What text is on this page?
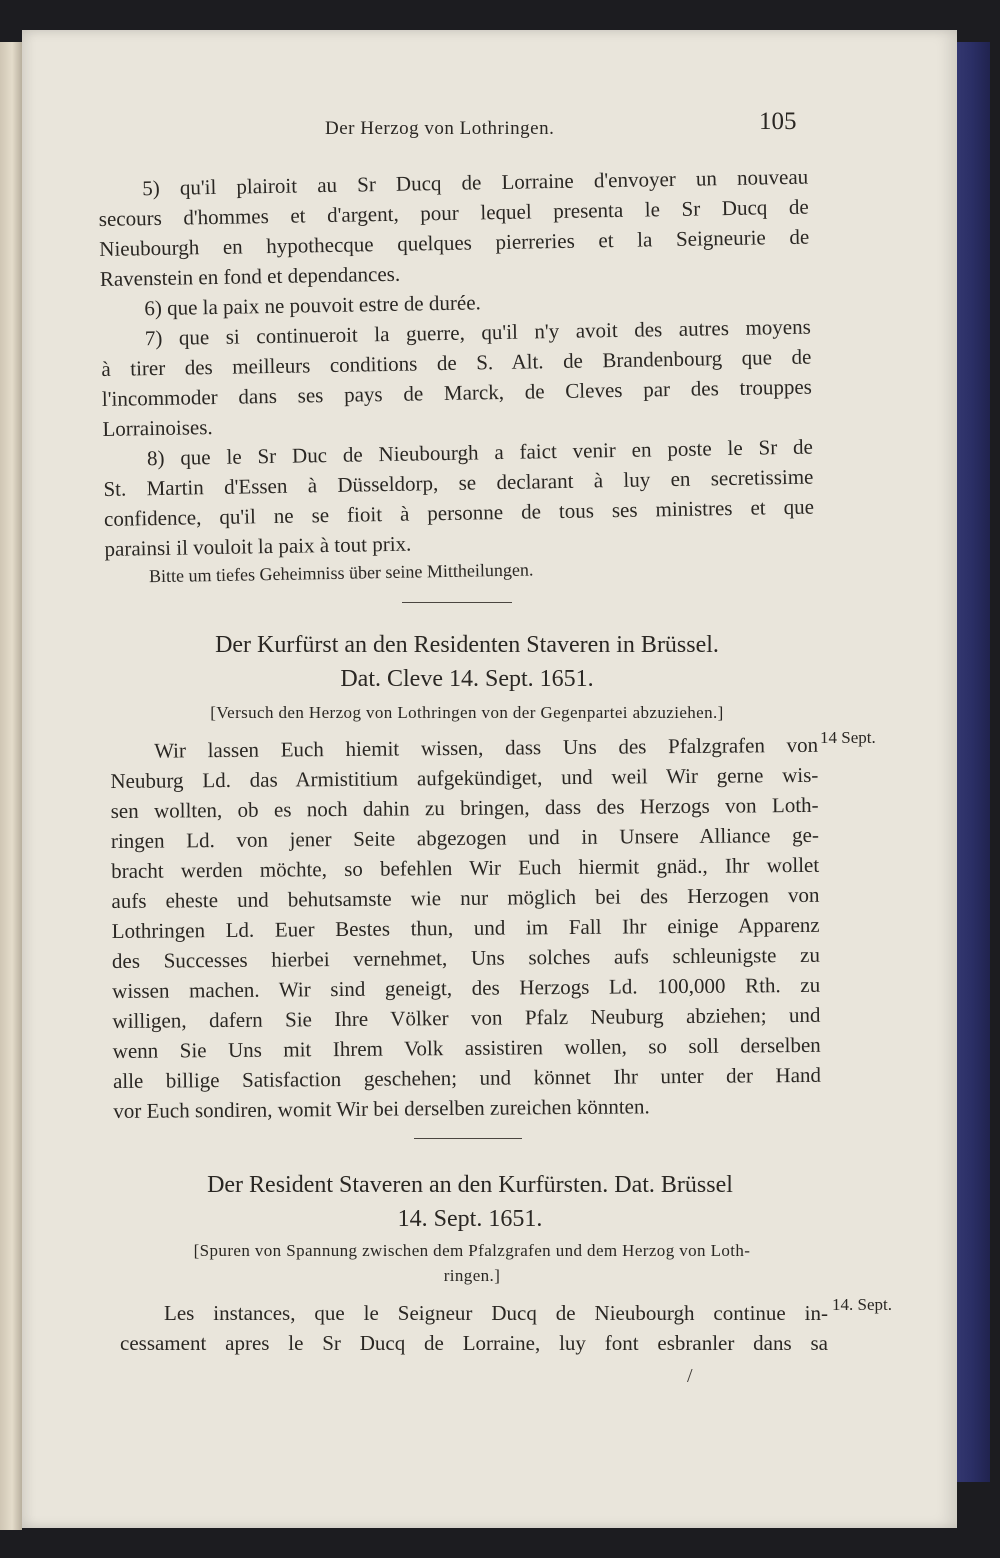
Der Herzog von Lothringen.	105
5) qu'il plairoit au Sr Ducq de Lorraine d'envoyer un nouveau
secours d'hommes et d'argent, pour lequel presenta le Sr Ducq de
Nieubourgh en hypothecque quelques pierreries et la Seigneurie de
Ravenstein en fond et dependances.
6) que la paix ne pouvoit estre de durée.
7) que si continueroit la guerre, qu'il n'y avoit des autres moyens
à tirer des meilleurs conditions de S. Alt. de Brandenbourg que de
l'incommoder dans ses pays de Marck, de Cleves par des trouppes
Lorrainoises.
8) que le Sr Duc de Nieubourgh a faict venir en poste le Sr de
St. Martin d'Essen à Düsseldorp, se declarant à luy en secretissime
confidence, qu'il ne se fioit à personne de tous ses ministres et que
parainsi il vouloit la paix à tout prix.
Bitte um tiefes Geheimniss über seine Mittheilungen.
Der Kurfürst an den Residenten Staveren in Brüssel.
Dat. Cleve 14. Sept. 1651.
[Versuch den Herzog von Lothringen von der Gegenpartei abzuziehen.]
14 Sept.
Wir lassen Euch hiemit wissen, dass Uns des Pfalzgrafen von
Neuburg Ld. das Armistitium aufgekündiget, und weil Wir gerne wis-
sen wollten, ob es noch dahin zu bringen, dass des Herzogs von Loth-
ringen Ld. von jener Seite abgezogen und in Unsere Alliance ge-
bracht werden möchte, so befehlen Wir Euch hiermit gnäd., Ihr wollet
aufs eheste und behutsamste wie nur möglich bei des Herzogen von
Lothringen Ld. Euer Bestes thun, und im Fall Ihr einige Apparenz
des Successes hierbei vernehmet, Uns solches aufs schleunigste zu
wissen machen. Wir sind geneigt, des Herzogs Ld. 100,000 Rth. zu
willigen, dafern Sie Ihre Völker von Pfalz Neuburg abziehen; und
wenn Sie Uns mit Ihrem Volk assistiren wollen, so soll derselben
alle billige Satisfaction geschehen; und könnet Ihr unter der Hand
vor Euch sondiren, womit Wir bei derselben zureichen könnten.
Der Resident Staveren an den Kurfürsten. Dat. Brüssel
14. Sept. 1651.
[Spuren von Spannung zwischen dem Pfalzgrafen und dem Herzog von Loth-
ringen.]
14. Sept.
Les instances, que le Seigneur Ducq de Nieubourgh continue in-
cessament apres le Sr Ducq de Lorraine, luy font esbranler dans sa
/
